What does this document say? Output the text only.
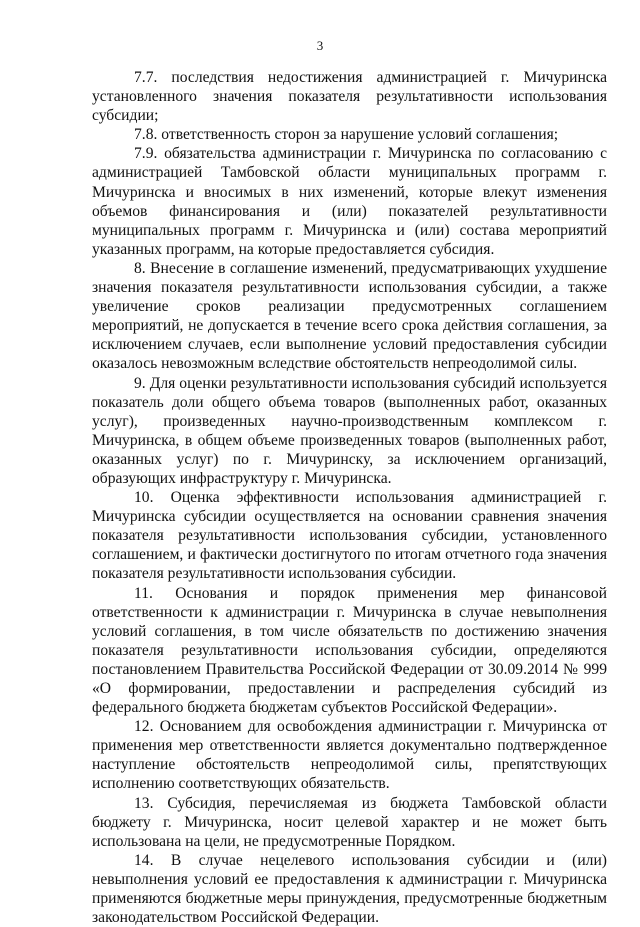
3

7.7. последствия недостижения администрацией г. Мичуринска установленного значения показателя результативности использования субсидии;

7.8. ответственность сторон за нарушение условий соглашения;

7.9. обязательства администрации г. Мичуринска по согласованию с администрацией Тамбовской области муниципальных программ г. Мичуринска и вносимых в них изменений, которые влекут изменения объемов финансирования и (или) показателей результативности муниципальных программ г. Мичуринска и (или) состава мероприятий указанных программ, на которые предоставляется субсидия.

8. Внесение в соглашение изменений, предусматривающих ухудшение значения показателя результативности использования субсидии, а также увеличение сроков реализации предусмотренных соглашением мероприятий, не допускается в течение всего срока действия соглашения, за исключением случаев, если выполнение условий предоставления субсидии оказалось невозможным вследствие обстоятельств непреодолимой силы.

9. Для оценки результативности использования субсидий используется показатель доли общего объема товаров (выполненных работ, оказанных услуг), произведенных научно-производственным комплексом г. Мичуринска, в общем объеме произведенных товаров (выполненных работ, оказанных услуг) по г. Мичуринску, за исключением организаций, образующих инфраструктуру г. Мичуринска.

10. Оценка эффективности использования администрацией г. Мичуринска субсидии осуществляется на основании сравнения значения показателя результативности использования субсидии, установленного соглашением, и фактически достигнутого по итогам отчетного года значения показателя результативности использования субсидии.

11. Основания и порядок применения мер финансовой ответственности к администрации г. Мичуринска в случае невыполнения условий соглашения, в том числе обязательств по достижению значения показателя результативности использования субсидии, определяются постановлением Правительства Российской Федерации от 30.09.2014 № 999 «О формировании, предоставлении и распределения субсидий из федерального бюджета бюджетам субъектов Российской Федерации».

12. Основанием для освобождения администрации г. Мичуринска от применения мер ответственности является документально подтвержденное наступление обстоятельств непреодолимой силы, препятствующих исполнению соответствующих обязательств.

13. Субсидия, перечисляемая из бюджета Тамбовской области бюджету г. Мичуринска, носит целевой характер и не может быть использована на цели, не предусмотренные Порядком.

14. В случае нецелевого использования субсидии и (или) невыполнения условий ее предоставления к администрации г. Мичуринска применяются бюджетные меры принуждения, предусмотренные бюджетным законодательством Российской Федерации.
